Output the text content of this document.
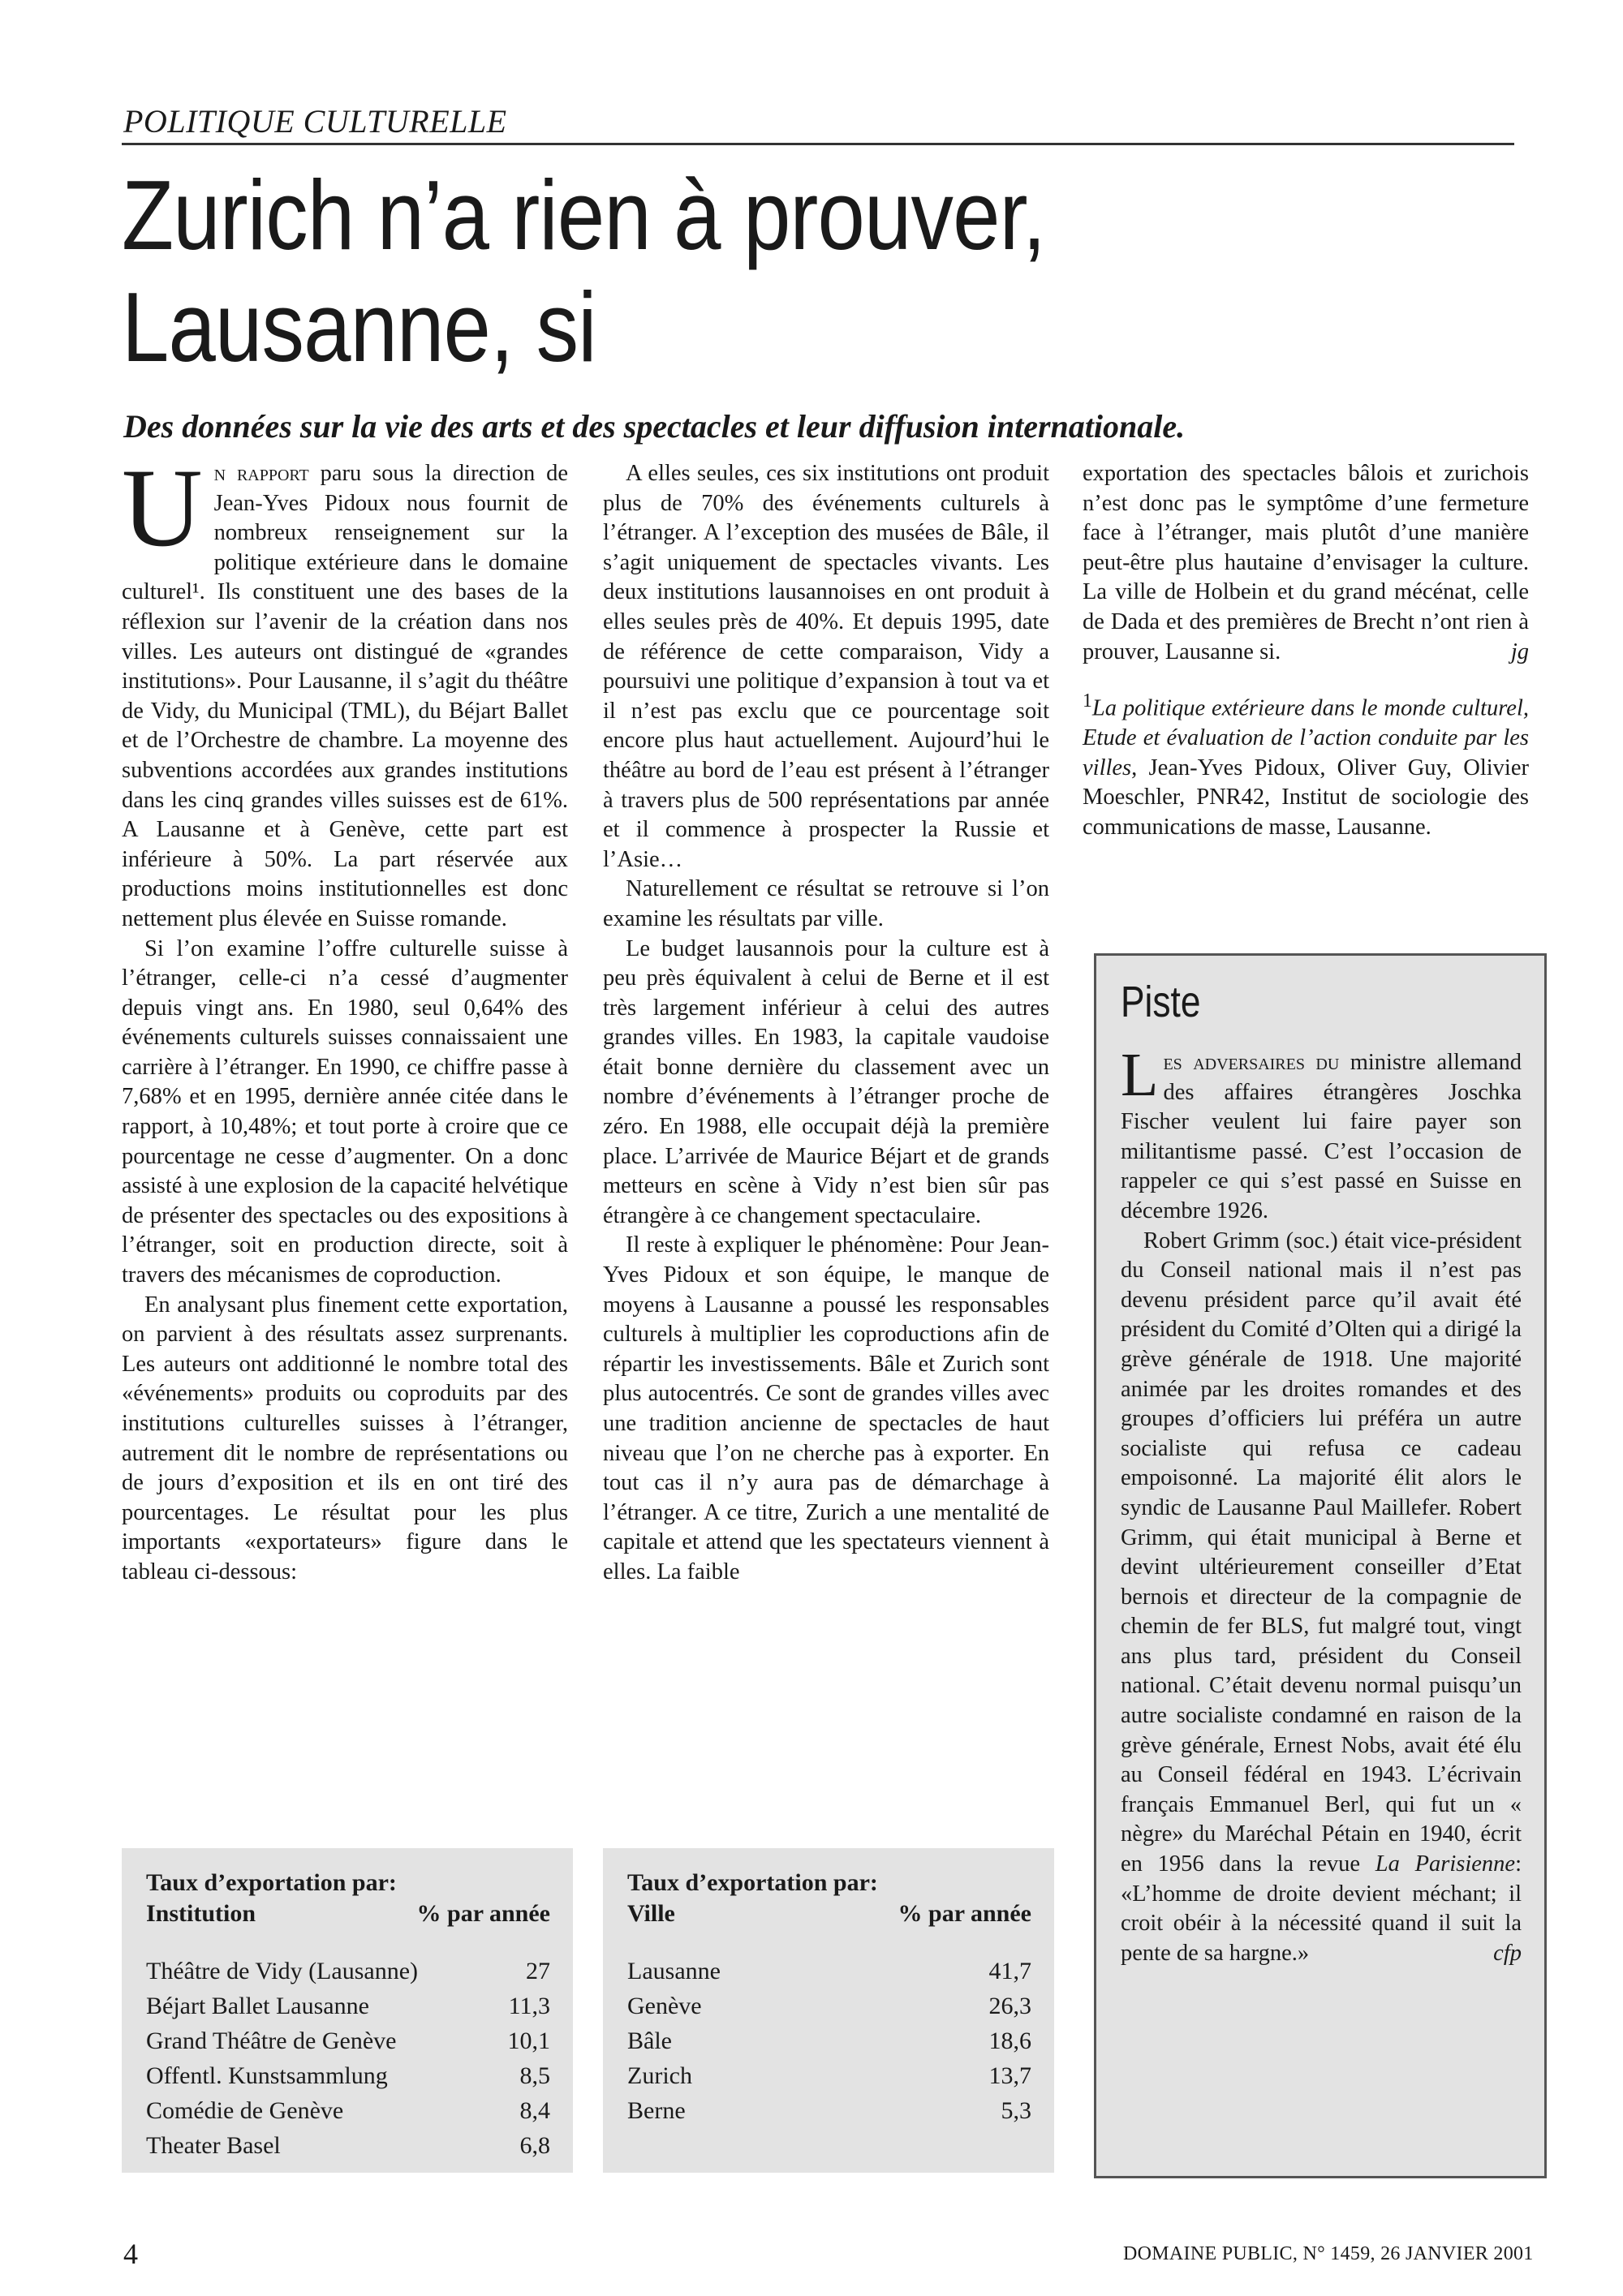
POLITIQUE CULTURELLE
Zurich n’a rien à prouver,
Lausanne, si
Des données sur la vie des arts et des spectacles et leur diffusion internationale.

Un rapport paru sous la direction de Jean-Yves Pidoux nous fournit de nombreux renseignement sur la politique extérieure dans le domaine culturel¹. Ils constituent une des bases de la réflexion sur l’avenir de la création dans nos villes. Les auteurs ont distingué de «grandes institutions». Pour Lausanne, il s’agit du théâtre de Vidy, du Municipal (TML), du Béjart Ballet et de l’Orchestre de chambre. La moyenne des subventions accordées aux grandes institutions dans les cinq grandes villes suisses est de 61%. A Lausanne et à Genève, cette part est inférieure à 50%. La part réservée aux productions moins institutionnelles est donc nettement plus élevée en Suisse romande.

Si l’on examine l’offre culturelle suisse à l’étranger, celle-ci n’a cessé d’augmenter depuis vingt ans. En 1980, seul 0,64% des événements culturels suisses connaissaient une carrière à l’étranger. En 1990, ce chiffre passe à 7,68% et en 1995, dernière année citée dans le rapport, à 10,48%; et tout porte à croire que ce pourcentage ne cesse d’augmenter. On a donc assisté à une explosion de la capacité helvétique de présenter des spectacles ou des expositions à l’étranger, soit en production directe, soit à travers des mécanismes de coproduction.

En analysant plus finement cette exportation, on parvient à des résultats assez surprenants. Les auteurs ont additionné le nombre total des «événements» produits ou coproduits par des institutions culturelles suisses à l’étranger, autrement dit le nombre de représentations ou de jours d’exposition et ils en ont tiré des pourcentages. Le résultat pour les plus importants «exportateurs» figure dans le tableau ci-dessous:

A elles seules, ces six institutions ont produit plus de 70% des événements culturels à l’étranger. A l’exception des musées de Bâle, il s’agit uniquement de spectacles vivants. Les deux institutions lausannoises en ont produit à elles seules près de 40%. Et depuis 1995, date de référence de cette comparaison, Vidy a poursuivi une politique d’expansion à tout va et il n’est pas exclu que ce pourcentage soit encore plus haut actuellement. Aujourd’hui le théâtre au bord de l’eau est présent à l’étranger à travers plus de 500 représentations par année et il commence à prospecter la Russie et l’Asie…

Naturellement ce résultat se retrouve si l’on examine les résultats par ville.

Le budget lausannois pour la culture est à peu près équivalent à celui de Berne et il est très largement inférieur à celui des autres grandes villes. En 1983, la capitale vaudoise était bonne dernière du classement avec un nombre d’événements à l’étranger proche de zéro. En 1988, elle occupait déjà la première place. L’arrivée de Maurice Béjart et de grands metteurs en scène à Vidy n’est bien sûr pas étrangère à ce changement spectaculaire.

Il reste à expliquer le phénomène: Pour Jean-Yves Pidoux et son équipe, le manque de moyens à Lausanne a poussé les responsables culturels à multiplier les coproductions afin de répartir les investissements. Bâle et Zurich sont plus autocentrés. Ce sont de grandes villes avec une tradition ancienne de spectacles de haut niveau que l’on ne cherche pas à exporter. En tout cas il n’y aura pas de démarchage à l’étranger. A ce titre, Zurich a une mentalité de capitale et attend que les spectateurs viennent à elles. La faible

exportation des spectacles bâlois et zurichois n’est donc pas le symptôme d’une fermeture face à l’étranger, mais plutôt d’une manière peut-être plus hautaine d’envisager la culture. La ville de Holbein et du grand mécénat, celle de Dada et des premières de Brecht n’ont rien à prouver, Lausanne si.	jg

$^1$La politique extérieure dans le monde culturel, Etude et évaluation de l’action conduite par les villes, Jean-Yves Pidoux, Oliver Guy, Olivier Moeschler, PNR42, Institut de sociologie des communications de masse, Lausanne.
Taux d’exportation par:
Institution	% par année
Théâtre de Vidy (Lausanne)	27
Béjart Ballet Lausanne	11,3
Grand Théâtre de Genève	10,1
Offentl. Kunstsammlung	8,5
Comédie de Genève	8,4
Theater Basel	6,8
Taux d’exportation par:
Ville	% par année
Lausanne	41,7
Genève	26,3
Bâle	18,6
Zurich	13,7
Berne	5,3
Piste

Les adversaires du ministre allemand des affaires étrangères Joschka Fischer veulent lui faire payer son militantisme passé. C’est l’occasion de rappeler ce qui s’est passé en Suisse en décembre 1926.

Robert Grimm (soc.) était vice-président du Conseil national mais il n’est pas devenu président parce qu’il avait été président du Comité d’Olten qui a dirigé la grève générale de 1918. Une majorité animée par les droites romandes et des groupes d’officiers lui préféra un autre socialiste qui refusa ce cadeau empoisonné. La majorité élit alors le syndic de Lausanne Paul Maillefer. Robert Grimm, qui était municipal à Berne et devint ultérieurement conseiller d’Etat bernois et directeur de la compagnie de chemin de fer BLS, fut malgré tout, vingt ans plus tard, président du Conseil national. C’était devenu normal puisqu’un autre socialiste condamné en raison de la grève générale, Ernest Nobs, avait été élu au Conseil fédéral en 1943. L’écrivain français Emmanuel Berl, qui fut un « nègre» du Maréchal Pétain en 1940, écrit en 1956 dans la revue La Parisienne: «L’homme de droite devient méchant; il croit obéir à la nécessité quand il suit la pente de sa hargne.»	cfp

4	DOMAINE PUBLIC, N° 1459, 26 JANVIER 2001
